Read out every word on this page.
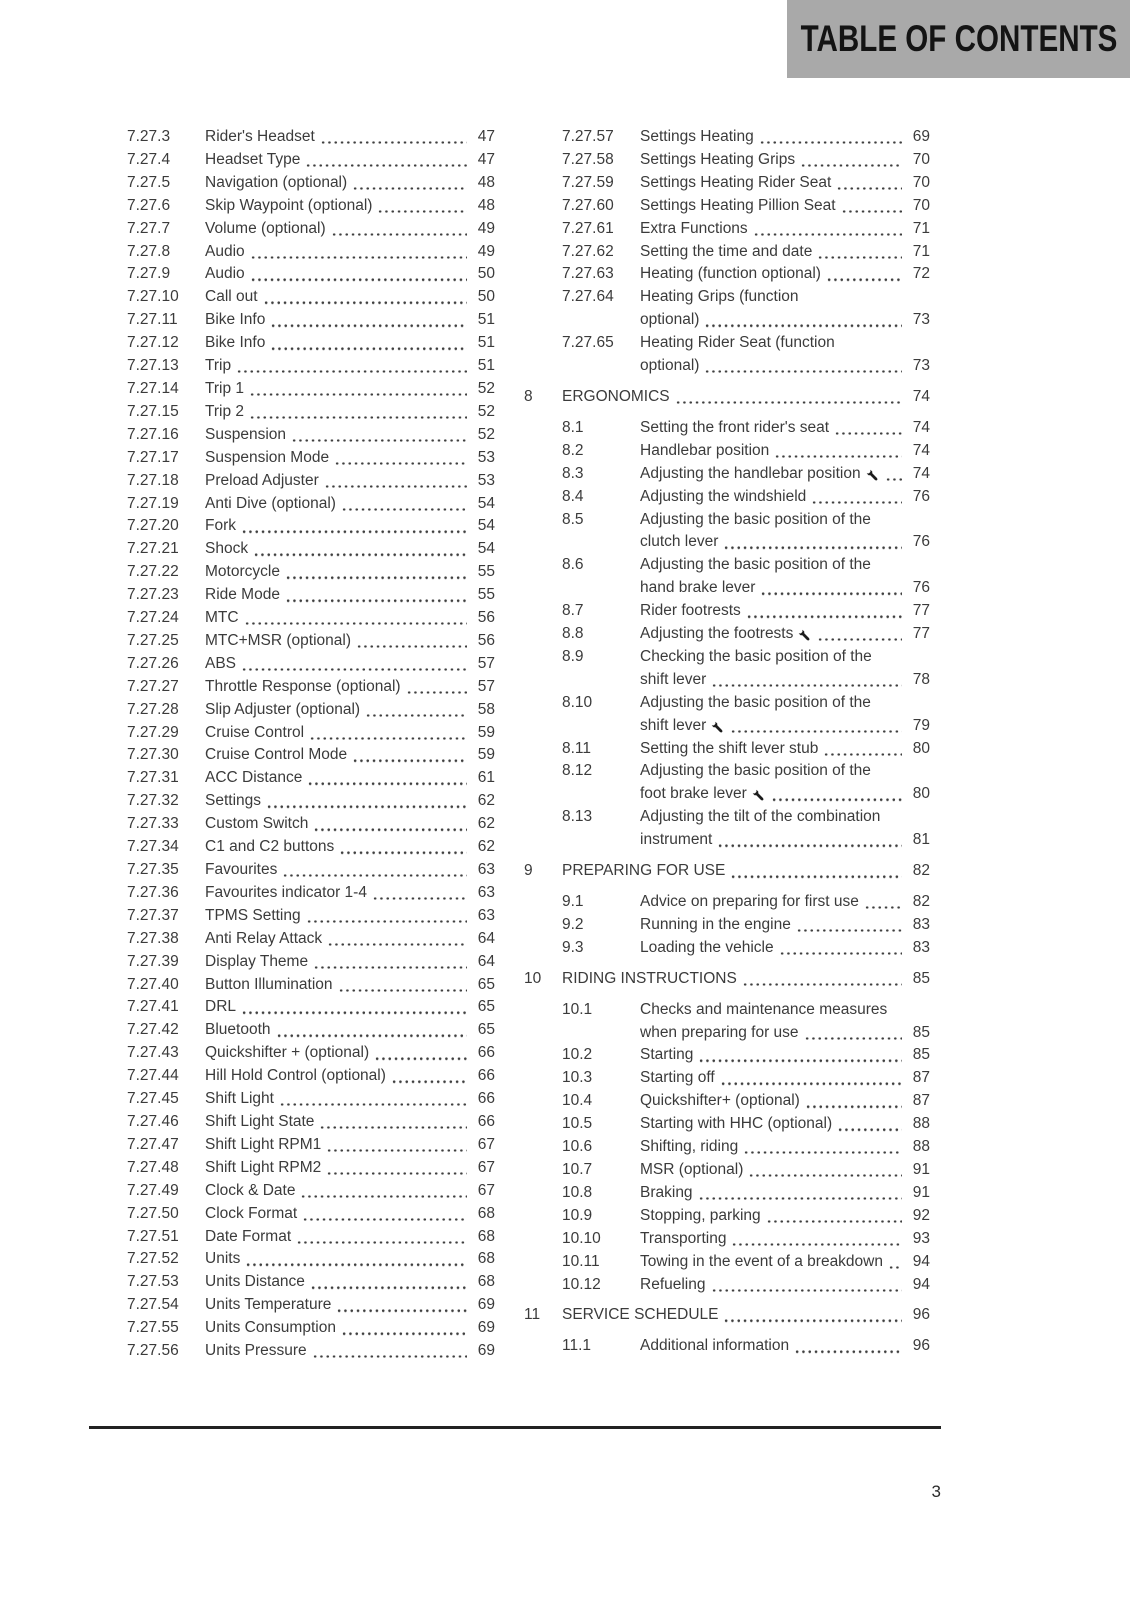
TABLE OF CONTENTS
7.27.3	Rider's Headset	47
7.27.4	Headset Type	47
7.27.5	Navigation (optional)	48
7.27.6	Skip Waypoint (optional)	48
7.27.7	Volume (optional)	49
7.27.8	Audio	49
7.27.9	Audio	50
7.27.10	Call out	50
7.27.11	Bike Info	51
7.27.12	Bike Info	51
7.27.13	Trip	51
7.27.14	Trip 1	52
7.27.15	Trip 2	52
7.27.16	Suspension	52
7.27.17	Suspension Mode	53
7.27.18	Preload Adjuster	53
7.27.19	Anti Dive (optional)	54
7.27.20	Fork	54
7.27.21	Shock	54
7.27.22	Motorcycle	55
7.27.23	Ride Mode	55
7.27.24	MTC	56
7.27.25	MTC+MSR (optional)	56
7.27.26	ABS	57
7.27.27	Throttle Response (optional)	57
7.27.28	Slip Adjuster (optional)	58
7.27.29	Cruise Control	59
7.27.30	Cruise Control Mode	59
7.27.31	ACC Distance	61
7.27.32	Settings	62
7.27.33	Custom Switch	62
7.27.34	C1 and C2 buttons	62
7.27.35	Favourites	63
7.27.36	Favourites indicator 1-4	63
7.27.37	TPMS Setting	63
7.27.38	Anti Relay Attack	64
7.27.39	Display Theme	64
7.27.40	Button Illumination	65
7.27.41	DRL	65
7.27.42	Bluetooth	65
7.27.43	Quickshifter + (optional)	66
7.27.44	Hill Hold Control (optional)	66
7.27.45	Shift Light	66
7.27.46	Shift Light State	66
7.27.47	Shift Light RPM1	67
7.27.48	Shift Light RPM2	67
7.27.49	Clock & Date	67
7.27.50	Clock Format	68
7.27.51	Date Format	68
7.27.52	Units	68
7.27.53	Units Distance	68
7.27.54	Units Temperature	69
7.27.55	Units Consumption	69
7.27.56	Units Pressure	69
7.27.57	Settings Heating	69
7.27.58	Settings Heating Grips	70
7.27.59	Settings Heating Rider Seat	70
7.27.60	Settings Heating Pillion Seat	70
7.27.61	Extra Functions	71
7.27.62	Setting the time and date	71
7.27.63	Heating (function optional)	72
7.27.64	Heating Grips (function
optional)	73
7.27.65	Heating Rider Seat (function
optional)	73
8	ERGONOMICS	74
8.1	Setting the front rider's seat	74
8.2	Handlebar position	74
8.3	Adjusting the handlebar position	74
8.4	Adjusting the windshield	76
8.5	Adjusting the basic position of the
clutch lever	76
8.6	Adjusting the basic position of the
hand brake lever	76
8.7	Rider footrests	77
8.8	Adjusting the footrests	77
8.9	Checking the basic position of the
shift lever	78
8.10	Adjusting the basic position of the
shift lever	79
8.11	Setting the shift lever stub	80
8.12	Adjusting the basic position of the
foot brake lever	80
8.13	Adjusting the tilt of the combination
instrument	81
9	PREPARING FOR USE	82
9.1	Advice on preparing for first use	82
9.2	Running in the engine	83
9.3	Loading the vehicle	83
10	RIDING INSTRUCTIONS	85
10.1	Checks and maintenance measures
when preparing for use	85
10.2	Starting	85
10.3	Starting off	87
10.4	Quickshifter+ (optional)	87
10.5	Starting with HHC (optional)	88
10.6	Shifting, riding	88
10.7	MSR (optional)	91
10.8	Braking	91
10.9	Stopping, parking	92
10.10	Transporting	93
10.11	Towing in the event of a breakdown	94
10.12	Refueling	94
11	SERVICE SCHEDULE	96
11.1	Additional information	96
3
